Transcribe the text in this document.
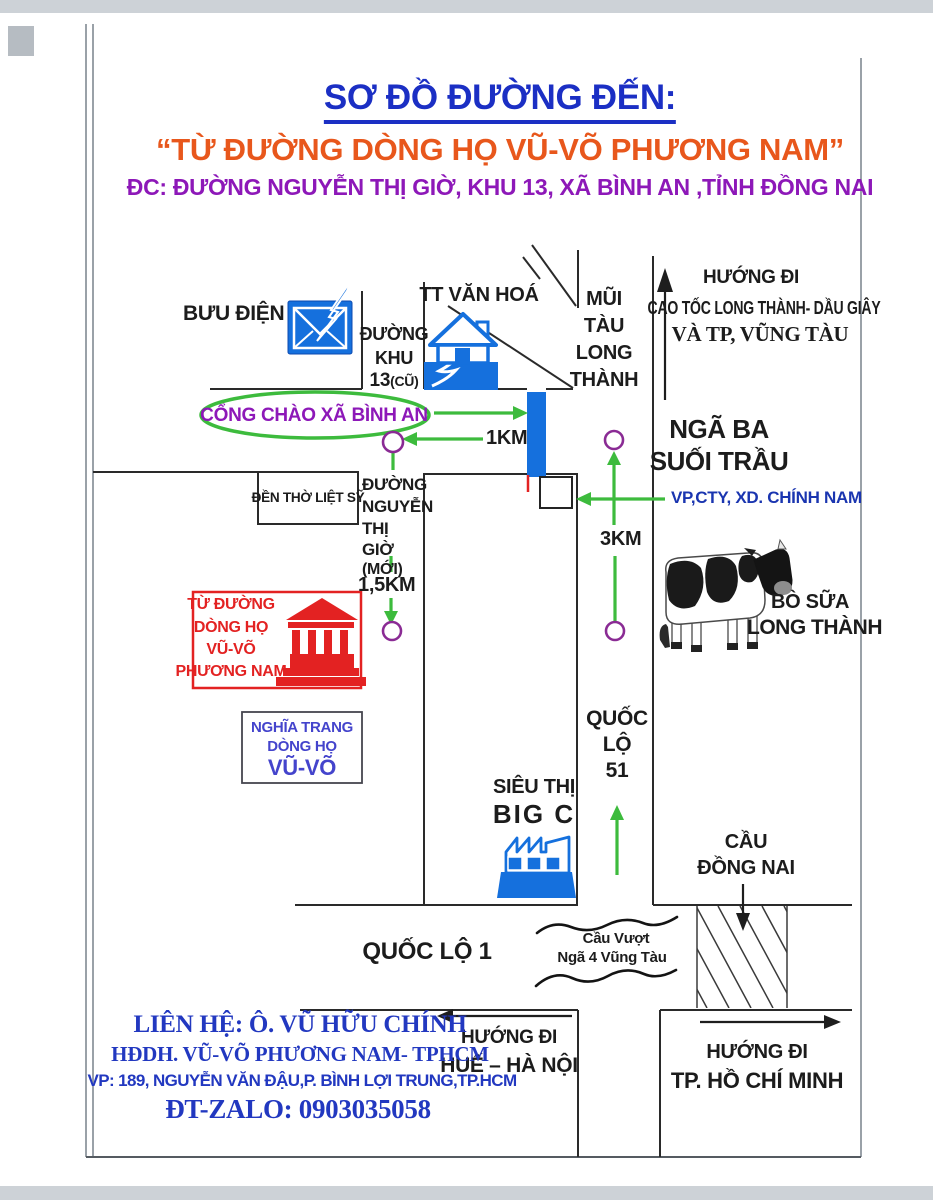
SƠ ĐỒ ĐƯỜNG ĐẾN:
“TỪ ĐƯỜNG DÒNG HỌ VŨ-VÕ PHƯƠNG NAM”
ĐC: ĐƯỜNG NGUYỄN THỊ GIỜ, KHU 13, XÃ BÌNH AN ,TỈNH ĐỒNG NAI
BƯU ĐIỆN
ĐƯỜNG
KHU
13(CŨ)
TT VĂN HOÁ MŨI
TÀU
LONG
THÀNH
HƯỚNG ĐI
CAO TỐC LONG THÀNH- DẦU GIÂY
VÀ TP, VŨNG TÀU
CỔNG CHÀO XÃ BÌNH AN
1KM	NGÃ BA
SUỐI TRẦU
VP,CTY, XD. CHÍNH NAM
ĐỀN THỜ LIỆT SỸ
ĐƯỜNG
NGUYỄN
THỊ
GIỜ
(MỚI)
1,5KM
3KM
TỪ ĐƯỜNG
DÒNG HỌ
VŨ-VÕ
PHƯƠNG NAM
NGHĨA TRANG
DÒNG HỌ
VŨ-VÕ
BÒ SỮA
LONG THÀNH
SIÊU THỊ
BIG C
QUỐC
LỘ
51
CẦU
ĐỒNG NAI
QUỐC LỘ 1	Cầu Vượt
Ngã 4 Vũng Tàu
HƯỚNG ĐI
HUẾ – HÀ NỘI
HƯỚNG ĐI
TP. HỒ CHÍ MINH
LIÊN HỆ: Ô. VŨ HỮU CHÍNH
HĐDH. VŨ-VÕ PHƯƠNG NAM- TPHCM
VP: 189, NGUYỄN VĂN ĐẬU,P. BÌNH LỢI TRUNG,TP.HCM
ĐT-ZALO: 0903035058
